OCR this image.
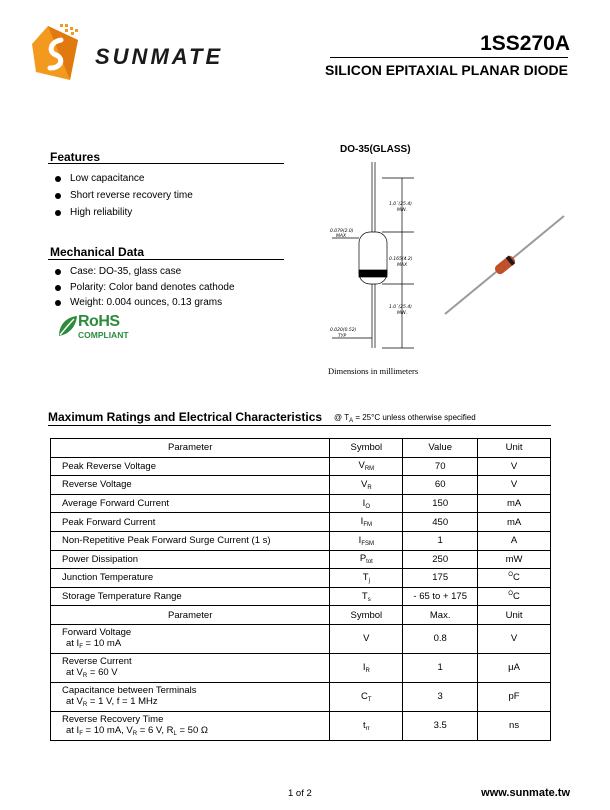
SUNMATE
1SS270A
SILICON EPITAXIAL PLANAR DIODE
Features
Low capacitance
Short reverse recovery time
High reliability
Mechanical Data
Case: DO-35, glass case
Polarity: Color band denotes cathode
Weight: 0.004 ounces, 0.13 grams
RoHS
COMPLIANT
DO-35(GLASS)
1.0`(25.4)
MIN.
0.079(2.0)
MAX
0.165(4.2)
MAX
1.0`(25.4)
MIN.
0.020(0.52)
TYP
Dimensions in millimeters
Maximum Ratings and Electrical Characteristics @ $T_A = 25^\circ C$ unless otherwise specified
Parameter	Symbol	Value	Unit
Peak Reverse Voltage	$V_{RM}$	70	V
Reverse Voltage	$V_R$	60	V
Average Forward Current	$I_O$	150	mA
Peak Forward Current	$I_{FM}$	450	mA
Non-Repetitive Peak Forward Surge Current (1 s)	$I_{FSM}$	1	A
Power Dissipation	$P_{tot}$	250	mW
Junction Temperature	$T_j$	175	$^O$C
Storage Temperature Range	$T_s$	- 65 to + 175	$^O$C
Parameter	Symbol	Max.	Unit

Forward Voltage
at $I_F = 10$ mA	V	0.8	V

Reverse Current
at $V_R = 60$ V	$I_R$	1	μA

Capacitance between Terminals
at $V_R = 1$ V, f = 1 MHz	$C_T$	3	pF

Reverse Recovery Time
at $I_F = 10$ mA, $V_R = 6$ V, $R_L = 50$ Ω	$t_{rr}$	3.5	ns
1 of 2	www.sunmate.tw
